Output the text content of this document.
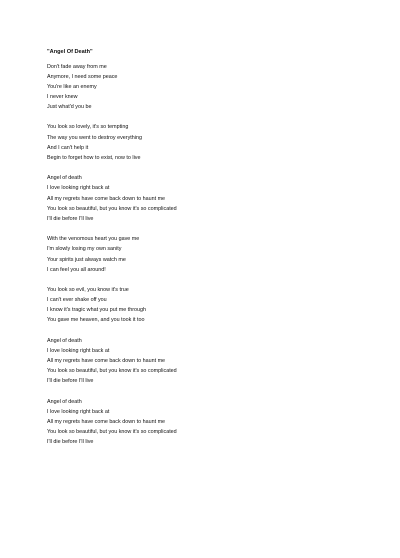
"Angel Of Death"
Don't fade away from me
Anymore, I need some peace
You're like an enemy
I never knew
Just what'd you be
You look so lovely, it's so tempting
The way you went to destroy everything
And I can't help it
Begin to forget how to exist, now to live
Angel of death
I love looking right back at
All my regrets have come back down to haunt me
You look so beautiful, but you know it's so complicated
I'll die before I'll live
With the venomous heart you gave me
I'm slowly losing my own sanity
Your spirits just always watch me
I can feel you all around!
You look so evil, you know it's true
I can't ever shake off you
I know it's tragic what you put me through
You gave me heaven, and you took it too
Angel of death
I love looking right back at
All my regrets have come back down to haunt me
You look so beautiful, but you know it's so complicated
I'll die before I'll live
Angel of death
I love looking right back at
All my regrets have come back down to haunt me
You look so beautiful, but you know it's so complicated
I'll die before I'll live
